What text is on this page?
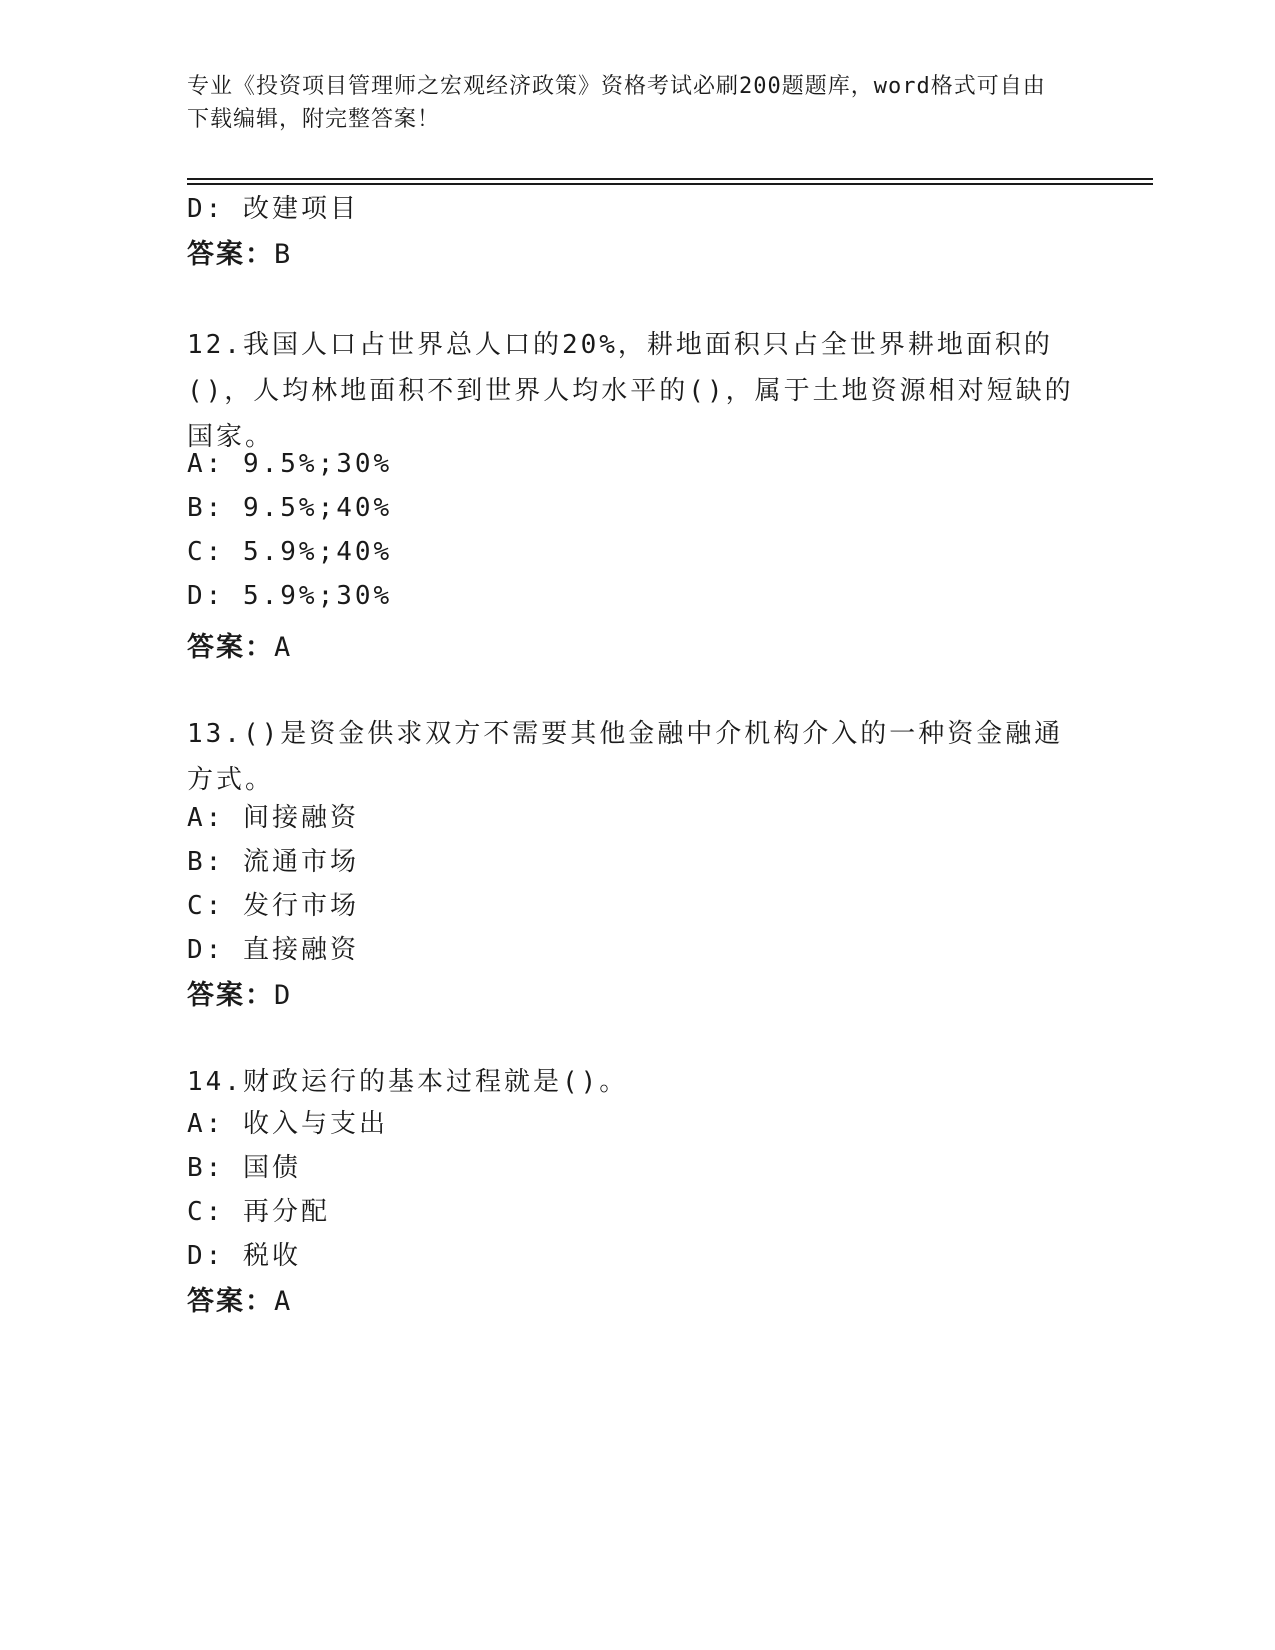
专业《投资项目管理师之宏观经济政策》资格考试必刷200题题库，word格式可自由下载编辑，附完整答案！
D: 改建项目
答案：B
12.我国人口占世界总人口的20%，耕地面积只占全世界耕地面积的()，人均林地面积不到世界人均水平的()，属于土地资源相对短缺的国家。
A: 9.5%;30%
B: 9.5%;40%
C: 5.9%;40%
D: 5.9%;30%
答案：A
13.()是资金供求双方不需要其他金融中介机构介入的一种资金融通方式。
A: 间接融资
B: 流通市场
C: 发行市场
D: 直接融资
答案：D
14.财政运行的基本过程就是()。
A: 收入与支出
B: 国债
C: 再分配
D: 税收
答案：A
